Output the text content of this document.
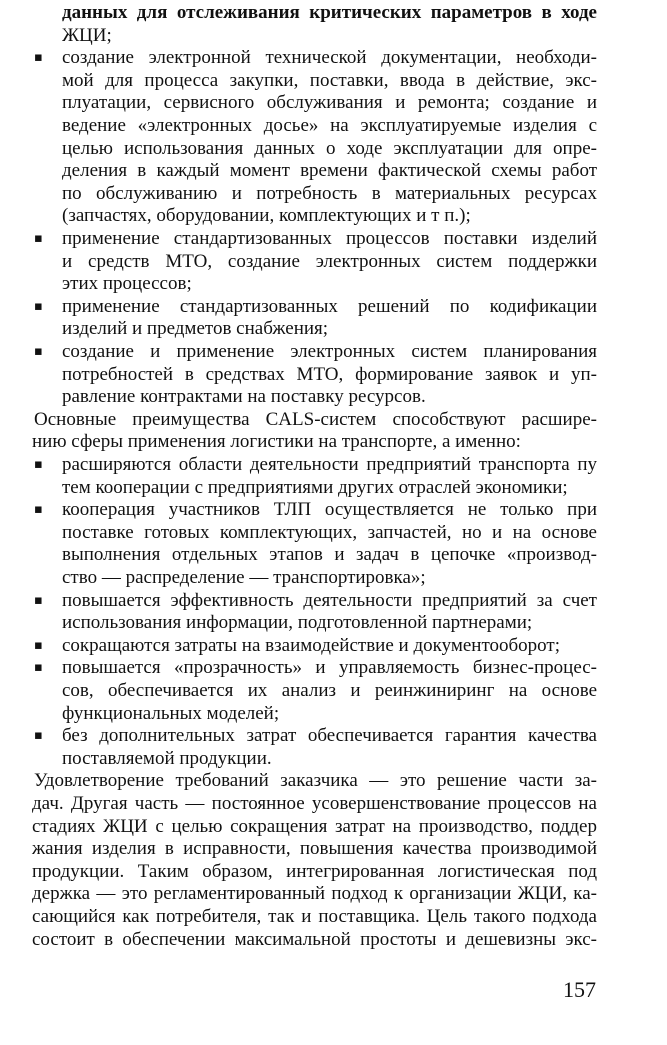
данных для отслеживания критических параметров в ходе
ЖЦИ;
▪ создание электронной технической документации, необходи-
мой для процесса закупки, поставки, ввода в действие, экс-
плуатации, сервисного обслуживания и ремонта; создание и
ведение «электронных досье» на эксплуатируемые изделия с
целью использования данных о ходе эксплуатации для опре-
деления в каждый момент времени фактической схемы работ
по обслуживанию и потребность в материальных ресурсах
(запчастях, оборудовании, комплектующих и т п.);
▪ применение стандартизованных процессов поставки изделий
и средств МТО, создание электронных систем поддержки
этих процессов;
▪ применение стандартизованных решений по кодификации
изделий и предметов снабжения;
▪ создание и применение электронных систем планирования
потребностей в средствах МТО, формирование заявок и уп-
равление контрактами на поставку ресурсов.
Основные преимущества CALS-систем способствуют расшире-
нию сферы применения логистики на транспорте, а именно:
▪ расширяются области деятельности предприятий транспорта пу
тем кооперации с предприятиями других отраслей экономики;
▪ кооперация участников ТЛП осуществляется не только при
поставке готовых комплектующих, запчастей, но и на основе
выполнения отдельных этапов и задач в цепочке «производ-
ство — распределение — транспортировка»;
▪ повышается эффективность деятельности предприятий за счет
использования информации, подготовленной партнерами;
▪ сокращаются затраты на взаимодействие и документооборот;
▪ повышается «прозрачность» и управляемость бизнес-процес-
сов, обеспечивается их анализ и реинжиниринг на основе
функциональных моделей;
▪ без дополнительных затрат обеспечивается гарантия качества
поставляемой продукции.
Удовлетворение требований заказчика — это решение части за-
дач. Другая часть — постоянное усовершенствование процессов на
стадиях ЖЦИ с целью сокращения затрат на производство, поддер
жания изделия в исправности, повышения качества производимой
продукции. Таким образом, интегрированная логистическая под
держка — это регламентированный подход к организации ЖЦИ, ка-
сающийся как потребителя, так и поставщика. Цель такого подхода
состоит в обеспечении максимальной простоты и дешевизны экс-
157
